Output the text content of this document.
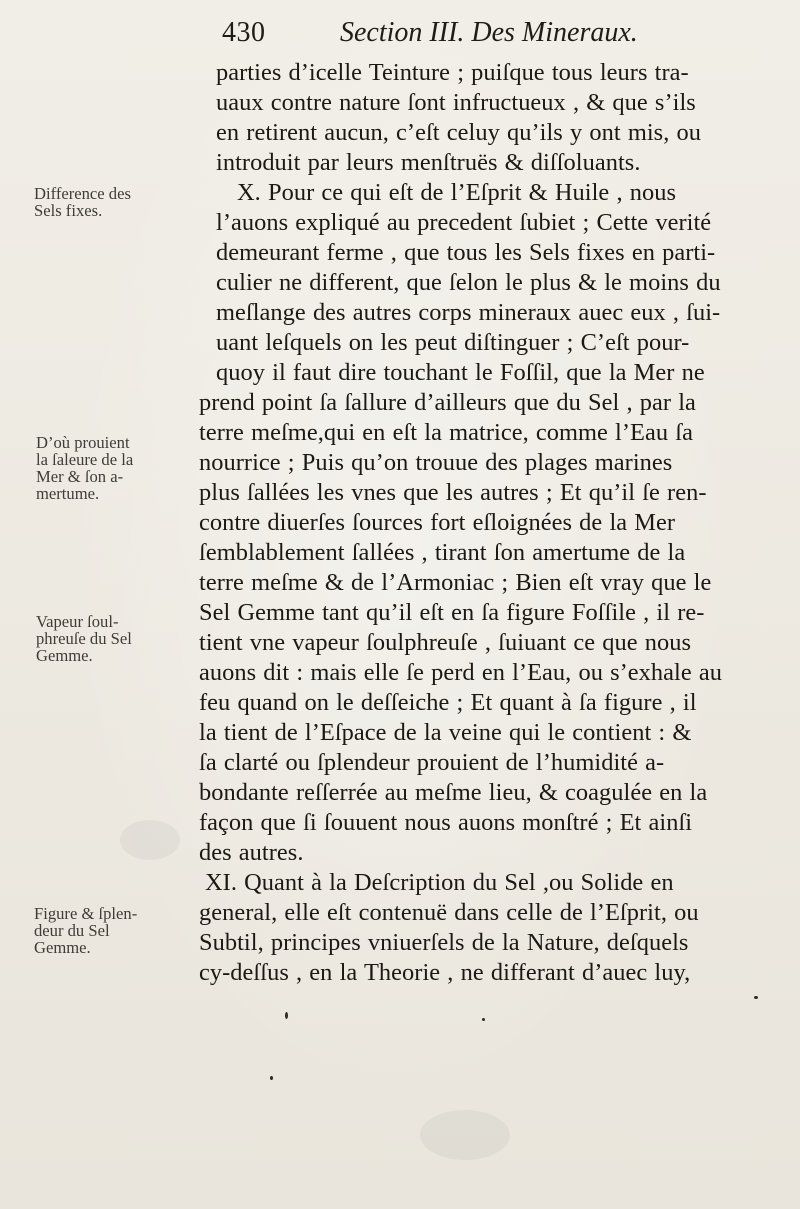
430	Section III. Des Mineraux.
Difference des
Sels fixes.
D’où prouient
la ſaleure de la
Mer & ſon a-
mertume.
Vapeur ſoul-
phreuſe du Sel
Gemme.
Figure & ſplen-
deur du Sel
Gemme.
parties d’icelle Teinture ; puiſque tous leurs tra-
uaux contre nature ſont infructueux , & que s’ils
en retirent aucun, c’eſt celuy qu’ils y ont mis, ou
introduit par leurs menſtruës & diſſoluants.
X. Pour ce qui eſt de l’Eſprit & Huile , nous
l’auons expliqué au precedent ſubiet ; Cette verité
demeurant ferme , que tous les Sels fixes en parti-
culier ne different, que ſelon le plus & le moins du
meſlange des autres corps mineraux auec eux , ſui-
uant leſquels on les peut diſtinguer ; C’eſt pour-
quoy il faut dire touchant le Foſſil, que la Mer ne
prend point ſa ſallure d’ailleurs que du Sel , par la
terre meſme,qui en eſt la matrice, comme l’Eau ſa
nourrice ; Puis qu’on trouue des plages marines
plus ſallées les vnes que les autres ; Et qu’il ſe ren-
contre diuerſes ſources fort eſloignées de la Mer
ſemblablement ſallées , tirant ſon amertume de la
terre meſme & de l’Armoniac ; Bien eſt vray que le
Sel Gemme tant qu’il eſt en ſa figure Foſſile , il re-
tient vne vapeur ſoulphreuſe , ſuiuant ce que nous
auons dit : mais elle ſe perd en l’Eau, ou s’exhale au
feu quand on le deſſeiche ; Et quant à ſa figure , il
la tient de l’Eſpace de la veine qui le contient : &
ſa clarté ou ſplendeur prouient de l’humidité a-
bondante reſſerrée au meſme lieu, & coagulée en la
façon que ſi ſouuent nous auons monſtré ; Et ainſi
des autres.
XI. Quant à la Deſcription du Sel ,ou Solide en
general, elle eſt contenuë dans celle de l’Eſprit, ou
Subtil, principes vniuerſels de la Nature, deſquels
cy-deſſus , en la Theorie , ne differant d’auec luy,
